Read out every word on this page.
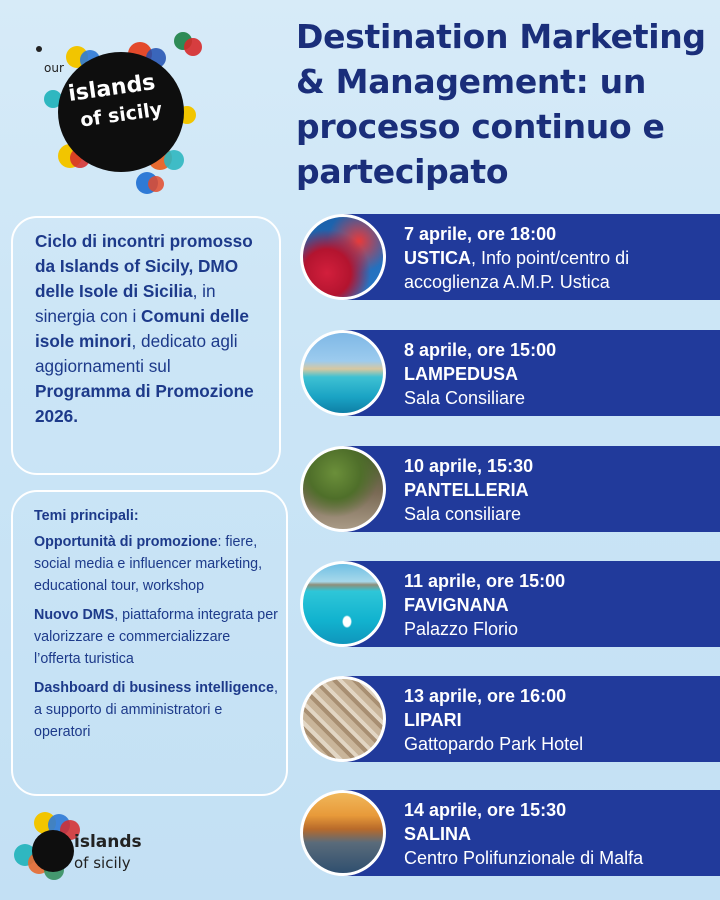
our
islands
of sicily
Destination Marketing & Management: un processo continuo e partecipato
Ciclo di incontri promosso da Islands of Sicily, DMO delle Isole di Sicilia, in sinergia con i Comuni delle isole minori, dedicato agli aggiornamenti sul Programma di Promozione 2026.
Temi principali:
Opportunità di promozione: fiere, social media e influencer marketing, educational tour, workshop
Nuovo DMS, piattaforma integrata per valorizzare e commercializzare l’offerta turistica
Dashboard di business intelligence, a supporto di amministratori e operatori
islands
of sicily
7 aprile, ore 18:00
USTICA, Info point/centro di accoglienza A.M.P. Ustica
8 aprile, ore 15:00
LAMPEDUSA
Sala Consiliare
10 aprile, 15:30
PANTELLERIA
Sala consiliare
11 aprile, ore 15:00
FAVIGNANA
Palazzo Florio
13 aprile, ore 16:00
LIPARI
Gattopardo Park Hotel
14 aprile, ore 15:30
SALINA
Centro Polifunzionale di Malfa
